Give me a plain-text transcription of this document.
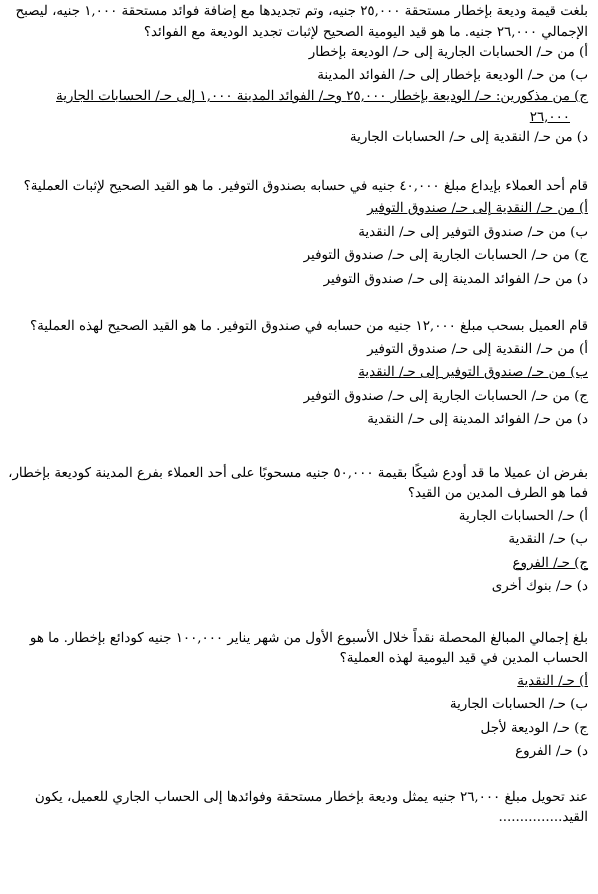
بلغت قيمة وديعة بإخطار مستحقة ٢٥,٠٠٠ جنيه، وتم تجديدها مع إضافة فوائد مستحقة ١,٠٠٠ جنيه، ليصبح الإجمالي ٢٦,٠٠٠ جنيه. ما هو قيد اليومية الصحيح لإثبات تجديد الوديعة مع الفوائد؟

أ) من حـ/ الحسابات الجارية إلى حـ/ الوديعة بإخطار

ب) من حـ/ الوديعة بإخطار إلى حـ/ الفوائد المدينة

ج) من مذكورين: حـ/ الوديعة بإخطار ٢٥,٠٠٠ وحـ/ الفوائد المدينة ١,٠٠٠ إلى حـ/ الحسابات الجارية

٢٦,٠٠٠

د) من حـ/ النقدية إلى حـ/ الحسابات الجارية

قام أحد العملاء بإيداع مبلغ ٤٠,٠٠٠ جنيه في حسابه بصندوق التوفير. ما هو القيد الصحيح لإثبات العملية؟

أ) من حـ/ النقدية إلى حـ/ صندوق التوفير

ب) من حـ/ صندوق التوفير إلى حـ/ النقدية

ج) من حـ/ الحسابات الجارية إلى حـ/ صندوق التوفير

د) من حـ/ الفوائد المدينة إلى حـ/ صندوق التوفير

قام العميل بسحب مبلغ ١٢,٠٠٠ جنيه من حسابه في صندوق التوفير. ما هو القيد الصحيح لهذه العملية؟

أ) من حـ/ النقدية إلى حـ/ صندوق التوفير

ب) من حـ/ صندوق التوفير إلى حـ/ النقدية

ج) من حـ/ الحسابات الجارية إلى حـ/ صندوق التوفير

د) من حـ/ الفوائد المدينة إلى حـ/ النقدية

بفرض ان عميلا ما قد أودع شيكًا بقيمة ٥٠,٠٠٠ جنيه مسحوبًا على أحد العملاء بفرع المدينة كوديعة بإخطار، فما هو الطرف المدين من القيد؟

أ) حـ/ الحسابات الجارية

ب) حـ/ النقدية

ج) حـ/ الفروع

د) حـ/ بنوك أخرى

بلغ إجمالي المبالغ المحصلة نقداً خلال الأسبوع الأول من شهر يناير ١٠٠,٠٠٠ جنيه كودائع بإخطار. ما هو الحساب المدين في قيد اليومية لهذه العملية؟

أ) حـ/ النقدية

ب) حـ/ الحسابات الجارية

ج) حـ/ الوديعة لأجل

د) حـ/ الفروع

عند تحويل مبلغ ٢٦,٠٠٠ جنيه يمثل وديعة بإخطار مستحقة وفوائدها إلى الحساب الجاري للعميل، يكون القيد...............
